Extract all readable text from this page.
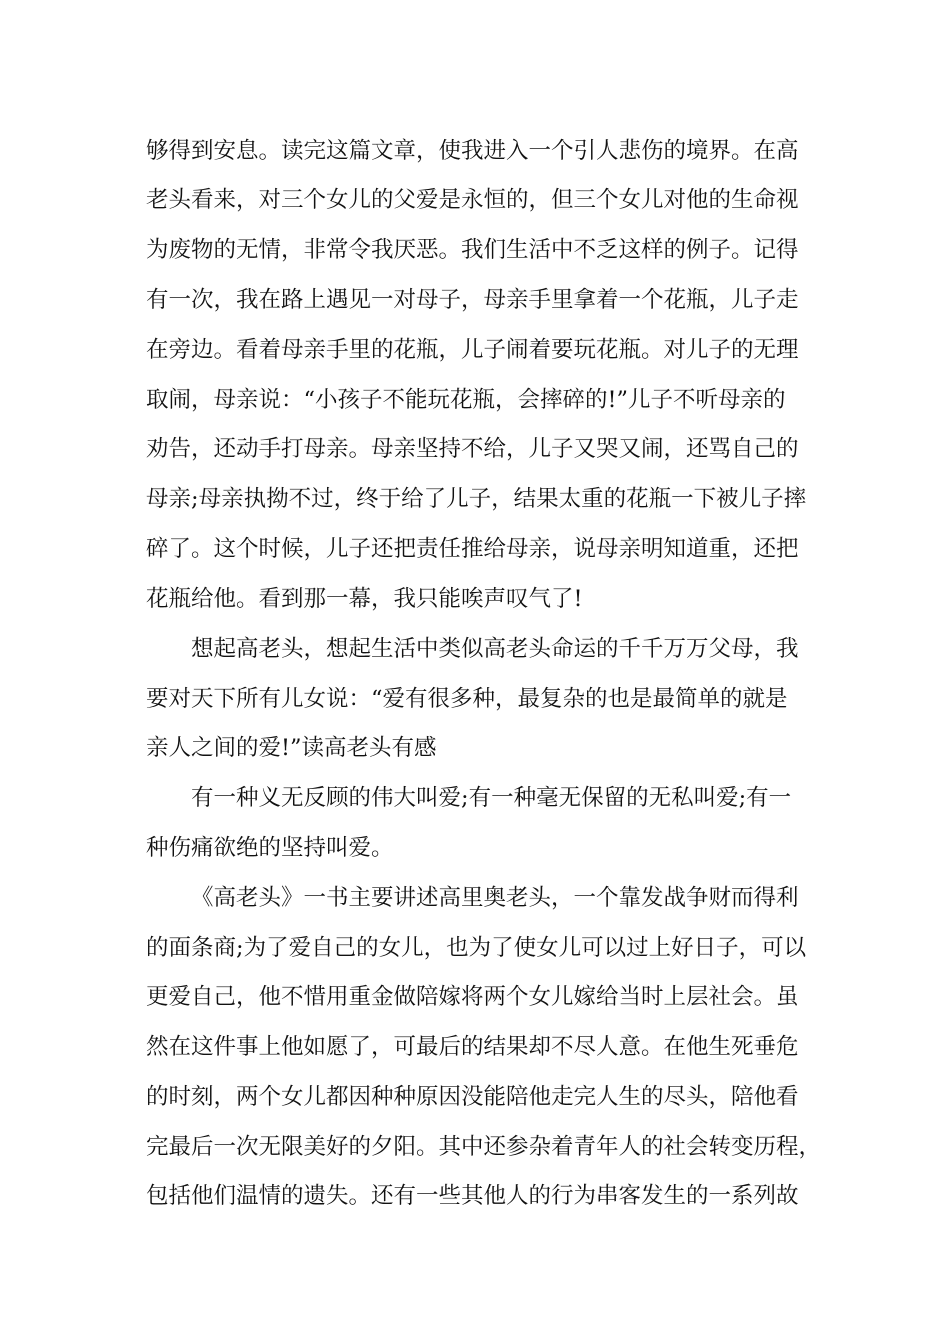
够得到安息。读完这篇文章，使我进入一个引人悲伤的境界。在高

老头看来，对三个女儿的父爱是永恒的，但三个女儿对他的生命视

为废物的无情，非常令我厌恶。我们生活中不乏这样的例子。记得

有一次，我在路上遇见一对母子，母亲手里拿着一个花瓶，儿子走

在旁边。看着母亲手里的花瓶，儿子闹着要玩花瓶。对儿子的无理

取闹，母亲说：“小孩子不能玩花瓶，会摔碎的!”儿子不听母亲的

劝告，还动手打母亲。母亲坚持不给，儿子又哭又闹，还骂自己的

母亲;母亲执拗不过，终于给了儿子，结果太重的花瓶一下被儿子摔

碎了。这个时候，儿子还把责任推给母亲，说母亲明知道重，还把

花瓶给他。看到那一幕，我只能唉声叹气了!

想起高老头，想起生活中类似高老头命运的千千万万父母，我

要对天下所有儿女说：“爱有很多种，最复杂的也是最简单的就是

亲人之间的爱!”读高老头有感

有一种义无反顾的伟大叫爱;有一种毫无保留的无私叫爱;有一

种伤痛欲绝的坚持叫爱。

《高老头》一书主要讲述高里奥老头，一个靠发战争财而得利

的面条商;为了爱自己的女儿，也为了使女儿可以过上好日子，可以

更爱自己，他不惜用重金做陪嫁将两个女儿嫁给当时上层社会。虽

然在这件事上他如愿了，可最后的结果却不尽人意。在他生死垂危

的时刻，两个女儿都因种种原因没能陪他走完人生的尽头，陪他看

完最后一次无限美好的夕阳。其中还参杂着青年人的社会转变历程，

包括他们温情的遗失。还有一些其他人的行为串客发生的一系列故
